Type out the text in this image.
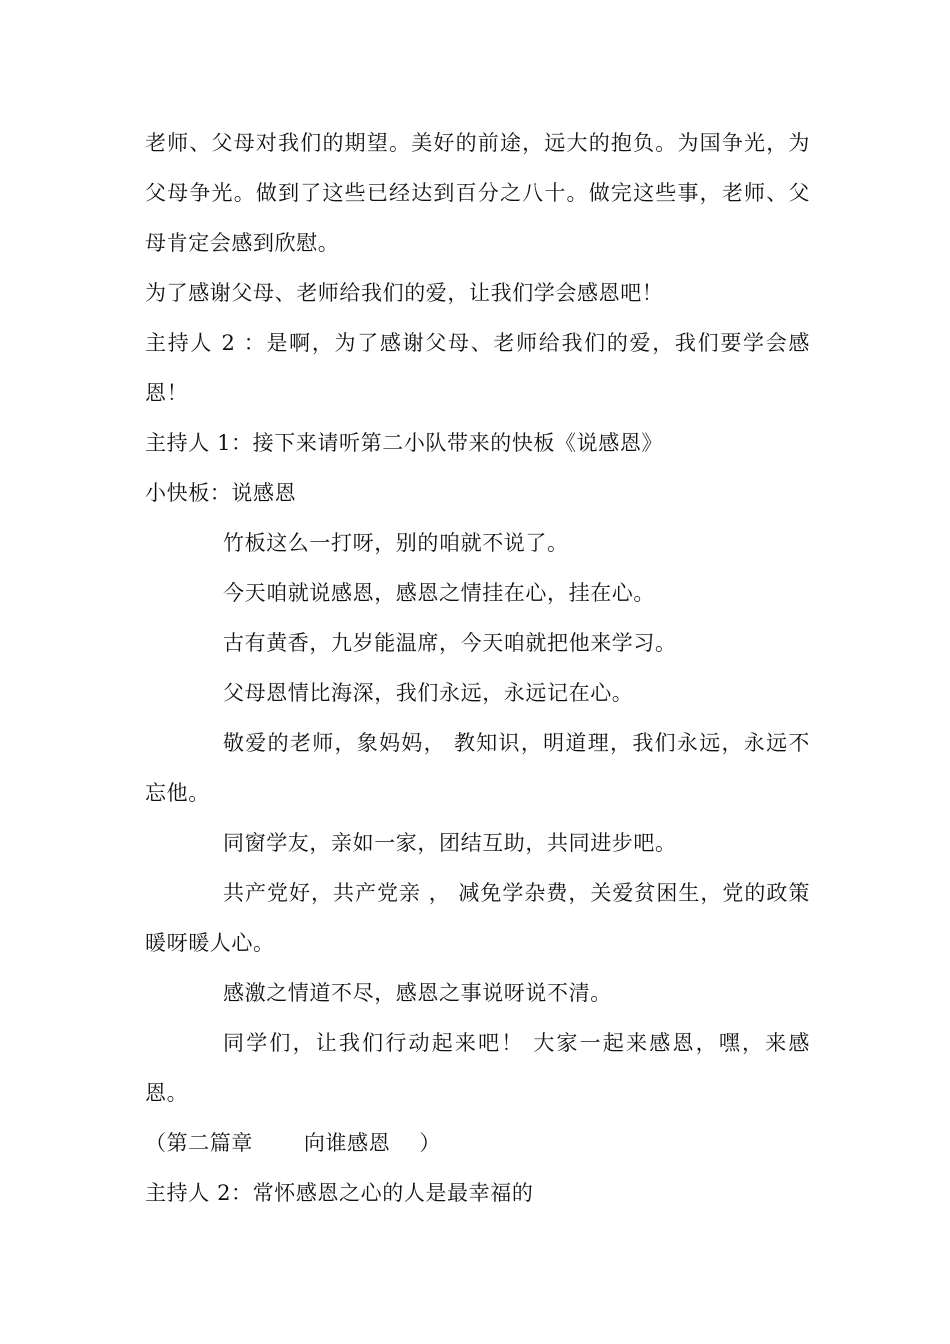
老师、父母对我们的期望。美好的前途，远大的抱负。为国争光，为父母争光。做到了这些已经达到百分之八十。做完这些事，老师、父母肯定会感到欣慰。

为了感谢父母、老师给我们的爱，让我们学会感恩吧！

主持人 2 ：是啊，为了感谢父母、老师给我们的爱，我们要学会感恩！

主持人 1：接下来请听第二小队带来的快板《说感恩》

小快板：说感恩

竹板这么一打呀，别的咱就不说了。

今天咱就说感恩，感恩之情挂在心，挂在心。

古有黄香，九岁能温席，今天咱就把他来学习。

父母恩情比海深，我们永远，永远记在心。

敬爱的老师，象妈妈， 教知识，明道理，我们永远，永远不忘他。

同窗学友，亲如一家，团结互助，共同进步吧。

共产党好，共产党亲 ， 减免学杂费，关爱贫困生，党的政策暖呀暖人心。

感激之情道不尽，感恩之事说呀说不清。

同学们，让我们行动起来吧！ 大家一起来感恩，嘿，来感恩。

（第二篇章       向谁感恩    ）

主持人 2：常怀感恩之心的人是最幸福的
